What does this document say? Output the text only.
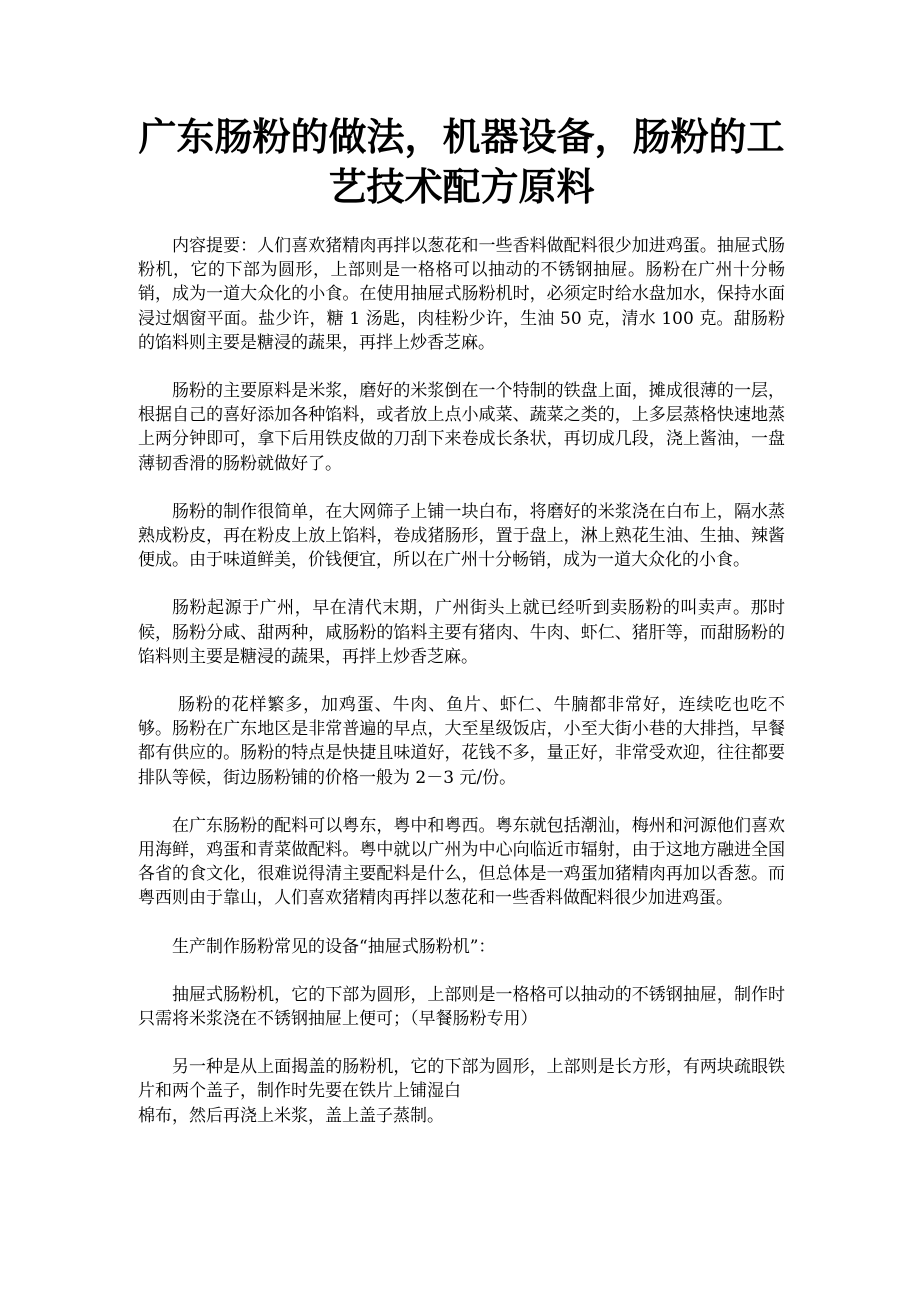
广东肠粉的做法，机器设备，肠粉的工
艺技术配方原料

内容提要：人们喜欢猪精肉再拌以葱花和一些香料做配料很少加进鸡蛋。抽屉式肠粉机，它的下部为圆形，上部则是一格格可以抽动的不锈钢抽屉。肠粉在广州十分畅销，成为一道大众化的小食。在使用抽屉式肠粉机时，必须定时给水盘加水，保持水面浸过烟窗平面。盐少许，糖 1 汤匙，肉桂粉少许，生油 50 克，清水 100 克。甜肠粉的馅料则主要是糖浸的蔬果，再拌上炒香芝麻。

肠粉的主要原料是米浆，磨好的米浆倒在一个特制的铁盘上面，摊成很薄的一层，根据自己的喜好添加各种馅料，或者放上点小咸菜、蔬菜之类的，上多层蒸格快速地蒸上两分钟即可，拿下后用铁皮做的刀刮下来卷成长条状，再切成几段，浇上酱油，一盘薄韧香滑的肠粉就做好了。

肠粉的制作很简单，在大网筛子上铺一块白布，将磨好的米浆浇在白布上，隔水蒸熟成粉皮，再在粉皮上放上馅料，卷成猪肠形，置于盘上，淋上熟花生油、生抽、辣酱便成。由于味道鲜美，价钱便宜，所以在广州十分畅销，成为一道大众化的小食。

肠粉起源于广州，早在清代末期，广州街头上就已经听到卖肠粉的叫卖声。那时候，肠粉分咸、甜两种，咸肠粉的馅料主要有猪肉、牛肉、虾仁、猪肝等，而甜肠粉的馅料则主要是糖浸的蔬果，再拌上炒香芝麻。

肠粉的花样繁多，加鸡蛋、牛肉、鱼片、虾仁、牛腩都非常好，连续吃也吃不够。肠粉在广东地区是非常普遍的早点，大至星级饭店，小至大街小巷的大排挡，早餐都有供应的。肠粉的特点是快捷且味道好，花钱不多，量正好，非常受欢迎，往往都要排队等候，街边肠粉铺的价格一般为 2－3 元/份。

在广东肠粉的配料可以粤东，粤中和粤西。粤东就包括潮汕，梅州和河源他们喜欢用海鲜，鸡蛋和青菜做配料。粤中就以广州为中心向临近市辐射，由于这地方融进全国各省的食文化，很难说得清主要配料是什么，但总体是一鸡蛋加猪精肉再加以香葱。而粤西则由于靠山，人们喜欢猪精肉再拌以葱花和一些香料做配料很少加进鸡蛋。

生产制作肠粉常见的设备“抽屉式肠粉机”：

抽屉式肠粉机，它的下部为圆形，上部则是一格格可以抽动的不锈钢抽屉，制作时只需将米浆浇在不锈钢抽屉上便可；（早餐肠粉专用）

另一种是从上面揭盖的肠粉机，它的下部为圆形，上部则是长方形，有两块疏眼铁片和两个盖子，制作时先要在铁片上铺湿白
棉布，然后再浇上米浆，盖上盖子蒸制。
